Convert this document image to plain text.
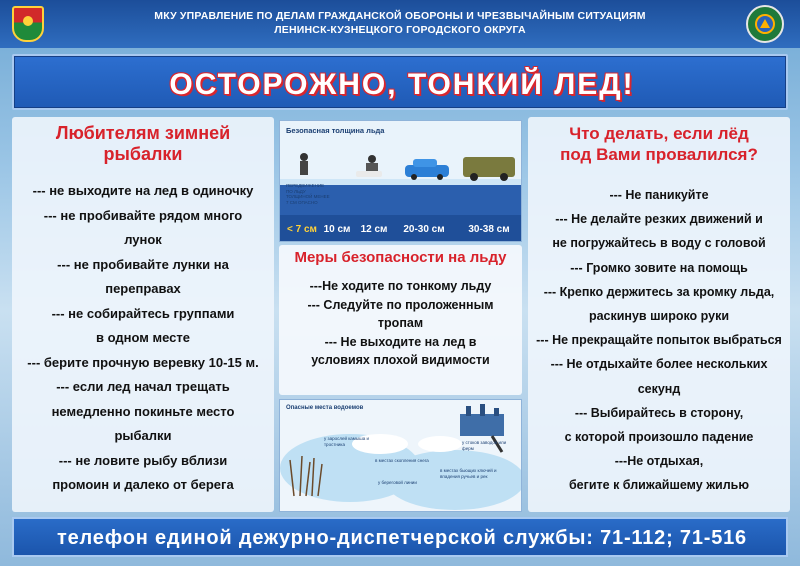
МКУ УПРАВЛЕНИЕ ПО ДЕЛАМ ГРАЖДАНСКОЙ ОБОРОНЫ И ЧРЕЗВЫЧАЙНЫМ СИТУАЦИЯМ
ЛЕНИНСК-КУЗНЕЦКОГО ГОРОДСКОГО ОКРУГА
ОСТОРОЖНО, ТОНКИЙ ЛЕД!
Любителям зимней
рыбалки
--- не выходите на лед в одиночку
--- не пробивайте рядом много
лунок
--- не пробивайте лунки на
переправах
--- не собирайтесь группами
в одном месте
--- берите прочную веревку 10-15 м.
--- если лед начал трещать
немедленно покиньте место
рыбалки
--- не ловите рыбу вблизи
промоин и далеко от берега
Безопасная толщина льда
ПЕРЕДВИЖЕНИЕ ПО ЛЬДУ ТОЛЩИНОЙ МЕНЕЕ 7 СМ ОПАСНО
< 7 см 10 см	12 см	20-30 см	30-38 см
Меры безопасности на льду
---Не ходите по тонкому льду
--- Следуйте по проложенным
тропам
--- Не выходите на лед в
условиях плохой видимости
Опасные места водоемов
у зарослей камыша и тростника
в местах скопления снега
у береговой линии
у стоков заводов или ферм
в местах бьющих ключей и впадения ручьев и рек
Что делать, если лёд
под Вами провалился?
--- Не паникуйте
--- Не делайте резких движений и
не погружайтесь в воду с головой
--- Громко зовите на помощь
--- Крепко держитесь за кромку льда,
раскинув широко руки
--- Не прекращайте попыток выбраться
--- Не отдыхайте более нескольких
секунд
--- Выбирайтесь в сторону,
с которой произошло падение
---Не отдыхая,
бегите к ближайшему жилью
телефон единой дежурно-диспетчерской службы: 71-112; 71-516
